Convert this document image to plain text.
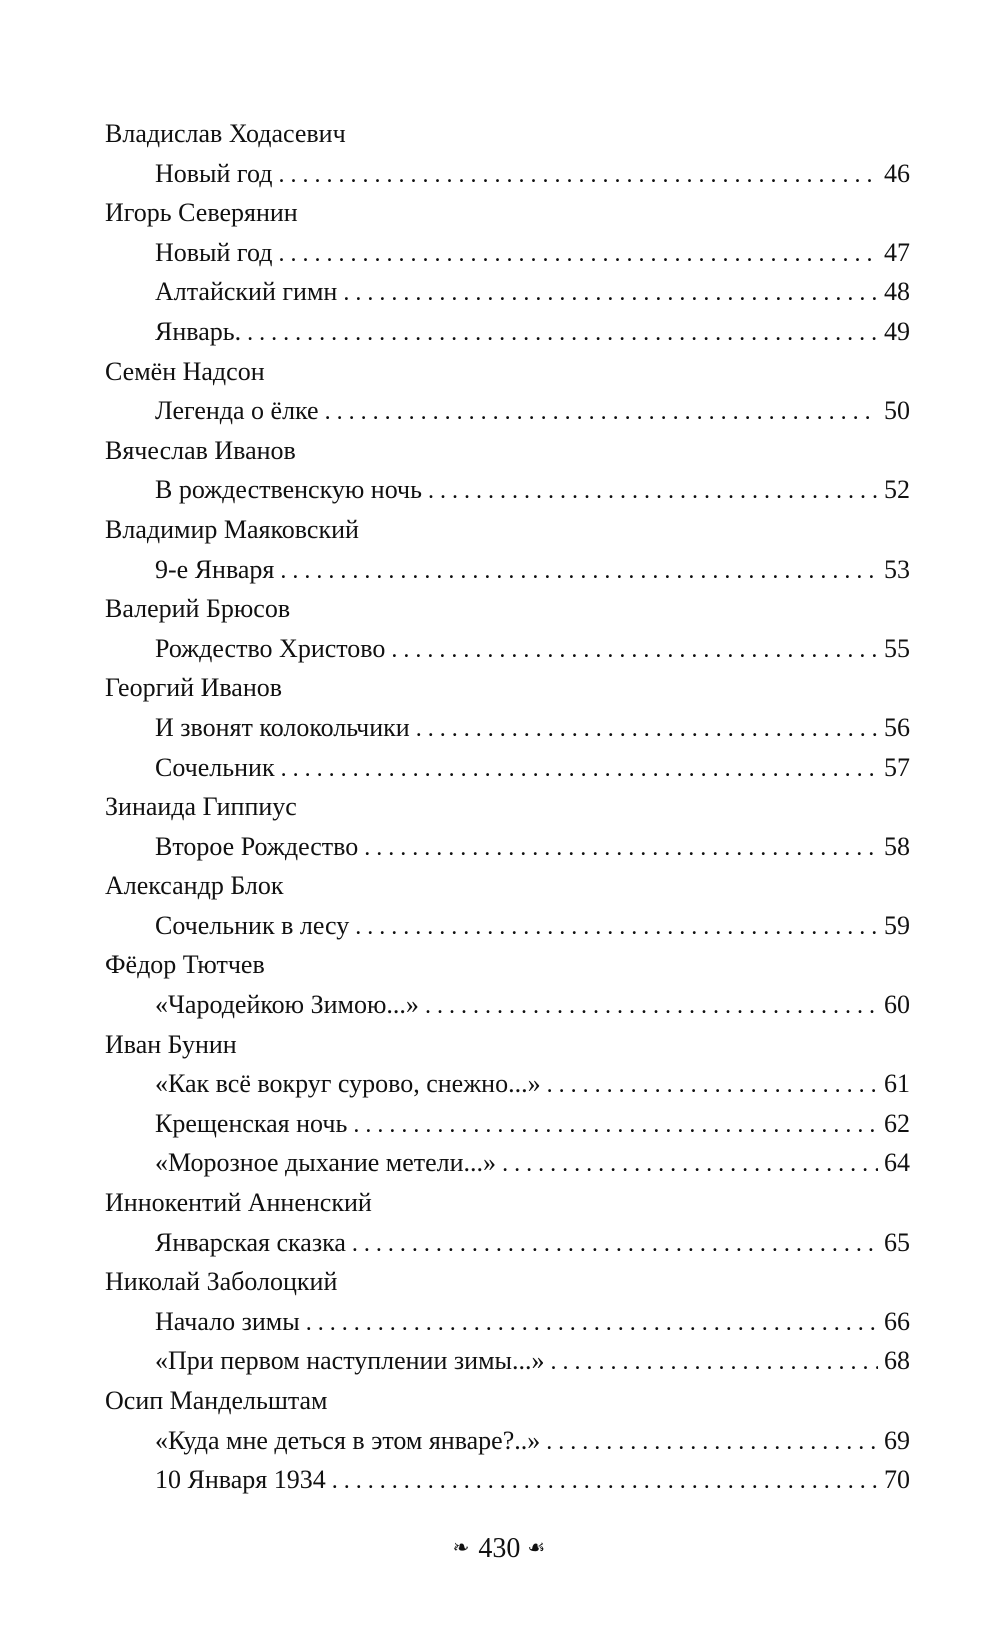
Владислав Ходасевич
Новый год . . .	46
Игорь Северянин
Новый год . . .	47
Алтайский гимн . . .	48
Январь. . . .	49
Семён Надсон
Легенда о ёлке . . .	50
Вячеслав Иванов
В рождественскую ночь . . .	52
Владимир Маяковский
9-е Января . . .	53
Валерий Брюсов
Рождество Христово . . .	55
Георгий Иванов
И звонят колокольчики . . .	56
Сочельник . . .	57
Зинаида Гиппиус
Второе Рождество . . .	58
Александр Блок
Сочельник в лесу . . .	59
Фёдор Тютчев
«Чародейкою Зимою...» . . .	60
Иван Бунин
«Как всё вокруг сурово, снежно...» . . .	61
Крещенская ночь . . .	62
«Морозное дыхание метели...» . . .	64
Иннокентий Анненский
Январская сказка . . .	65
Николай Заболоцкий
Начало зимы . . .	66
«При первом наступлении зимы...» . . .	68
Осип Мандельштам
«Куда мне деться в этом январе?..» . . .	69
10 Января 1934 . . .	70
❧ 430 ☙
